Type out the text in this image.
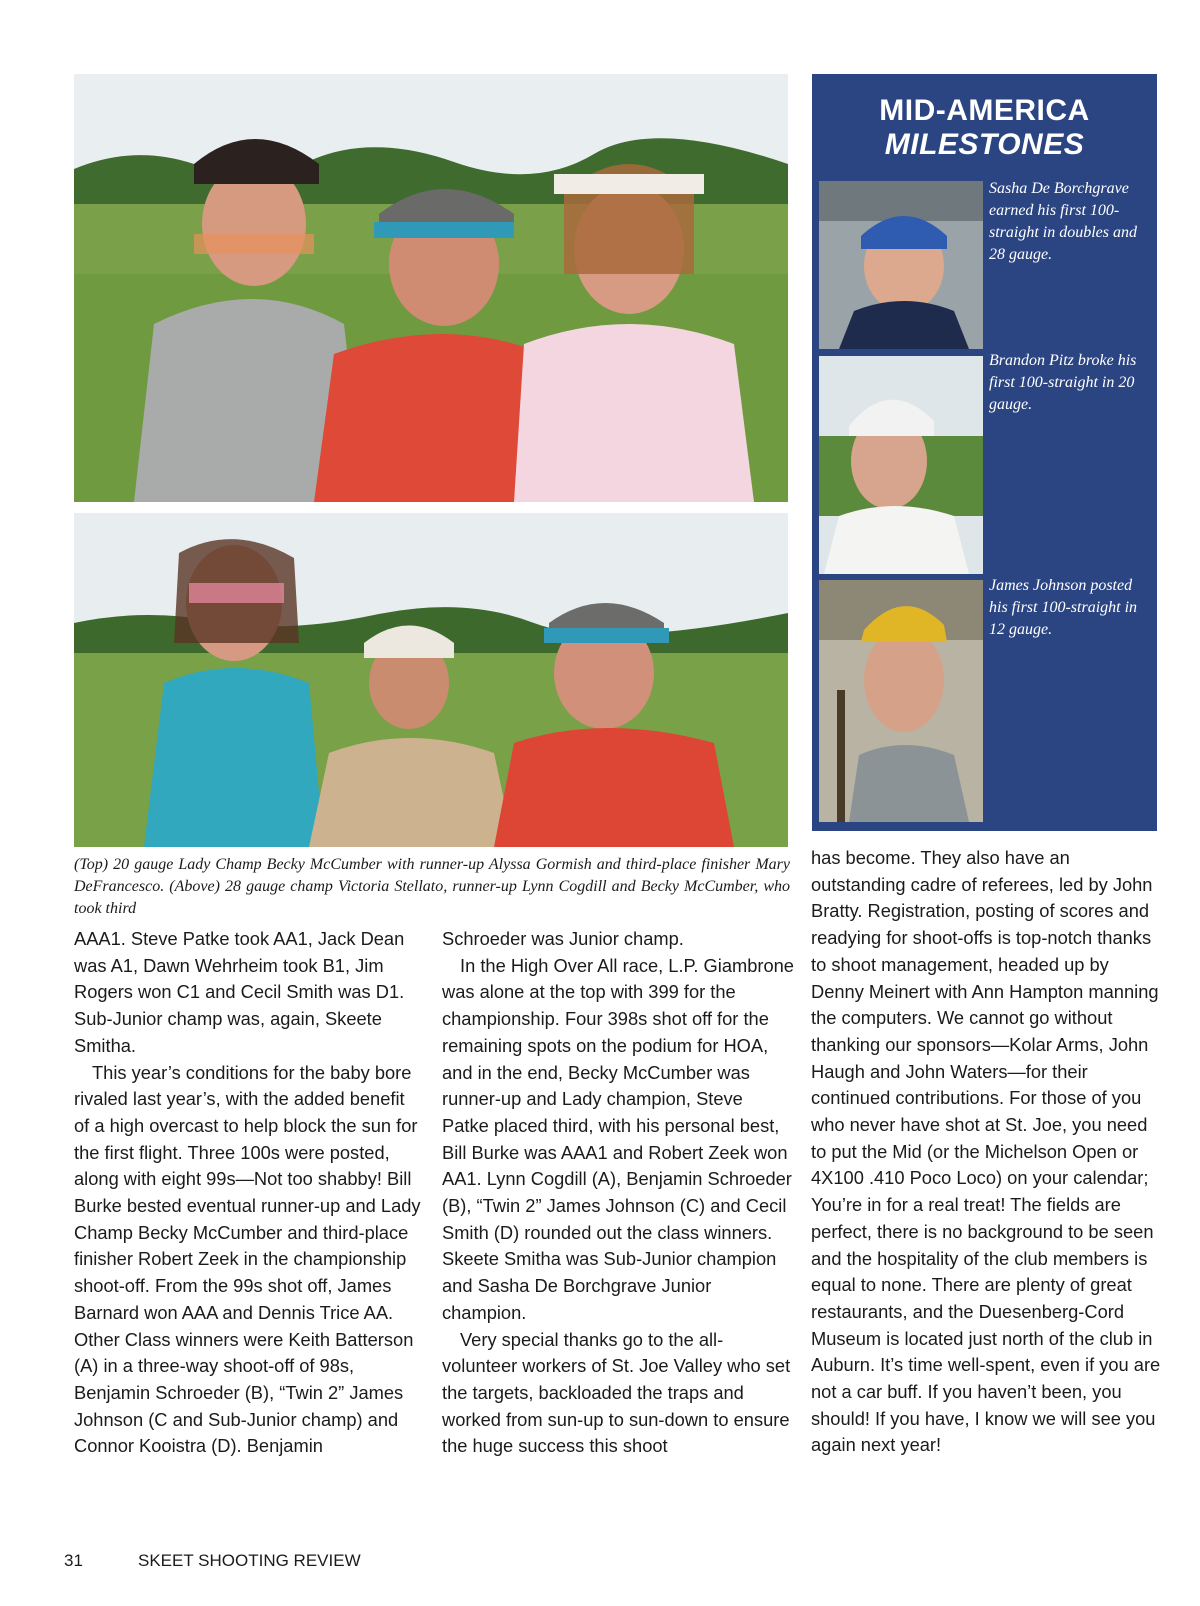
MID-AMERICA
MILESTONES
Sasha De Borchgrave earned his first 100-straight in doubles and 28 gauge.
Brandon Pitz broke his first 100-straight in 20 gauge.
James Johnson posted his first 100-straight in 12 gauge.
(Top) 20 gauge Lady Champ Becky McCumber with runner-up Alyssa Gormish and third-place finisher Mary DeFrancesco. (Above) 28 gauge champ Victoria Stellato, runner-up Lynn Cogdill and Becky McCumber, who took third

AAA1. Steve Patke took AA1, Jack Dean was A1, Dawn Wehrheim took B1, Jim Rogers won C1 and Cecil Smith was D1. Sub-Junior champ was, again, Skeete Smitha.

This year’s conditions for the baby bore rivaled last year’s, with the added benefit of a high overcast to help block the sun for the first flight. Three 100s were posted, along with eight 99s—Not too shabby! Bill Burke bested eventual runner-up and Lady Champ Becky McCumber and third-place finisher Robert Zeek in the championship shoot-off. From the 99s shot off, James Barnard won AAA and Dennis Trice AA. Other Class winners were Keith Batterson (A) in a three-way shoot-off of 98s, Benjamin Schroeder (B), “Twin 2” James Johnson (C and Sub-Junior champ) and Connor Kooistra (D). Benjamin

Schroeder was Junior champ.

In the High Over All race, L.P. Giambrone was alone at the top with 399 for the championship. Four 398s shot off for the remaining spots on the podium for HOA, and in the end, Becky McCumber was runner-up and Lady champion, Steve Patke placed third, with his personal best, Bill Burke was AAA1 and Robert Zeek won AA1. Lynn Cogdill (A), Benjamin Schroeder (B), “Twin 2” James Johnson (C) and Cecil Smith (D) rounded out the class winners. Skeete Smitha was Sub-Junior champion and Sasha De Borchgrave Junior champion.

Very special thanks go to the all-volunteer workers of St. Joe Valley who set the targets, backloaded the traps and worked from sun-up to sun-down to ensure the huge success this shoot

has become. They also have an outstanding cadre of referees, led by John Bratty. Registration, posting of scores and readying for shoot-offs is top-notch thanks to shoot management, headed up by Denny Meinert with Ann Hampton manning the computers. We cannot go without thanking our sponsors—Kolar Arms, John Haugh and John Waters—for their continued contributions. For those of you who never have shot at St. Joe, you need to put the Mid (or the Michelson Open or 4X100 .410 Poco Loco) on your calendar; You’re in for a real treat! The fields are perfect, there is no background to be seen and the hospitality of the club members is equal to none. There are plenty of great restaurants, and the Duesenberg-Cord Museum is located just north of the club in Auburn. It’s time well-spent, even if you are not a car buff. If you haven’t been, you should! If you have, I know we will see you again next year!

31	SKEET SHOOTING REVIEW
